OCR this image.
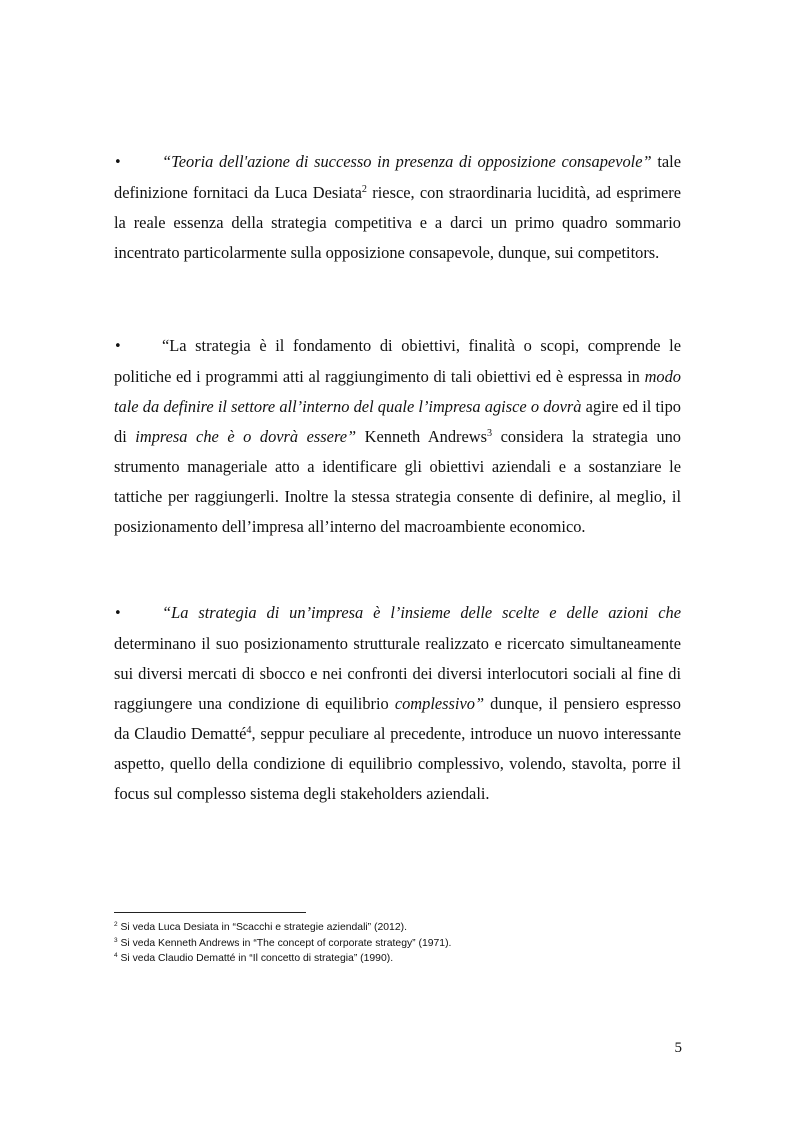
• “Teoria dell'azione di successo in presenza di opposizione consapevole” tale definizione fornitaci da Luca Desiata$^2$ riesce, con straordinaria lucidità, ad esprimere la reale essenza della strategia competitiva e a darci un primo quadro sommario incentrato particolarmente sulla opposizione consapevole, dunque, sui competitors.

• “La strategia è il fondamento di obiettivi, finalità o scopi, comprende le politiche ed i programmi atti al raggiungimento di tali obiettivi ed è espressa in modo tale da definire il settore all’interno del quale l’impresa agisce o dovrà agire ed il tipo di impresa che è o dovrà essere” Kenneth Andrews$^3$ considera la strategia uno strumento manageriale atto a identificare gli obiettivi aziendali e a sostanziare le tattiche per raggiungerli. Inoltre la stessa strategia consente di definire, al meglio, il posizionamento dell’impresa all’interno del macroambiente economico.

• “La strategia di un’impresa è l’insieme delle scelte e delle azioni che determinano il suo posizionamento strutturale realizzato e ricercato simultaneamente sui diversi mercati di sbocco e nei confronti dei diversi interlocutori sociali al fine di raggiungere una condizione di equilibrio complessivo” dunque, il pensiero espresso da Claudio Dematté$^4$, seppur peculiare al precedente, introduce un nuovo interessante aspetto, quello della condizione di equilibrio complessivo, volendo, stavolta, porre il focus sul complesso sistema degli stakeholders aziendali.

$^2$ Si veda Luca Desiata in “Scacchi e strategie aziendali” (2012).
$^3$ Si veda Kenneth Andrews in “The concept of corporate strategy” (1971).
$^4$ Si veda Claudio Dematté in “Il concetto di strategia” (1990).
5
